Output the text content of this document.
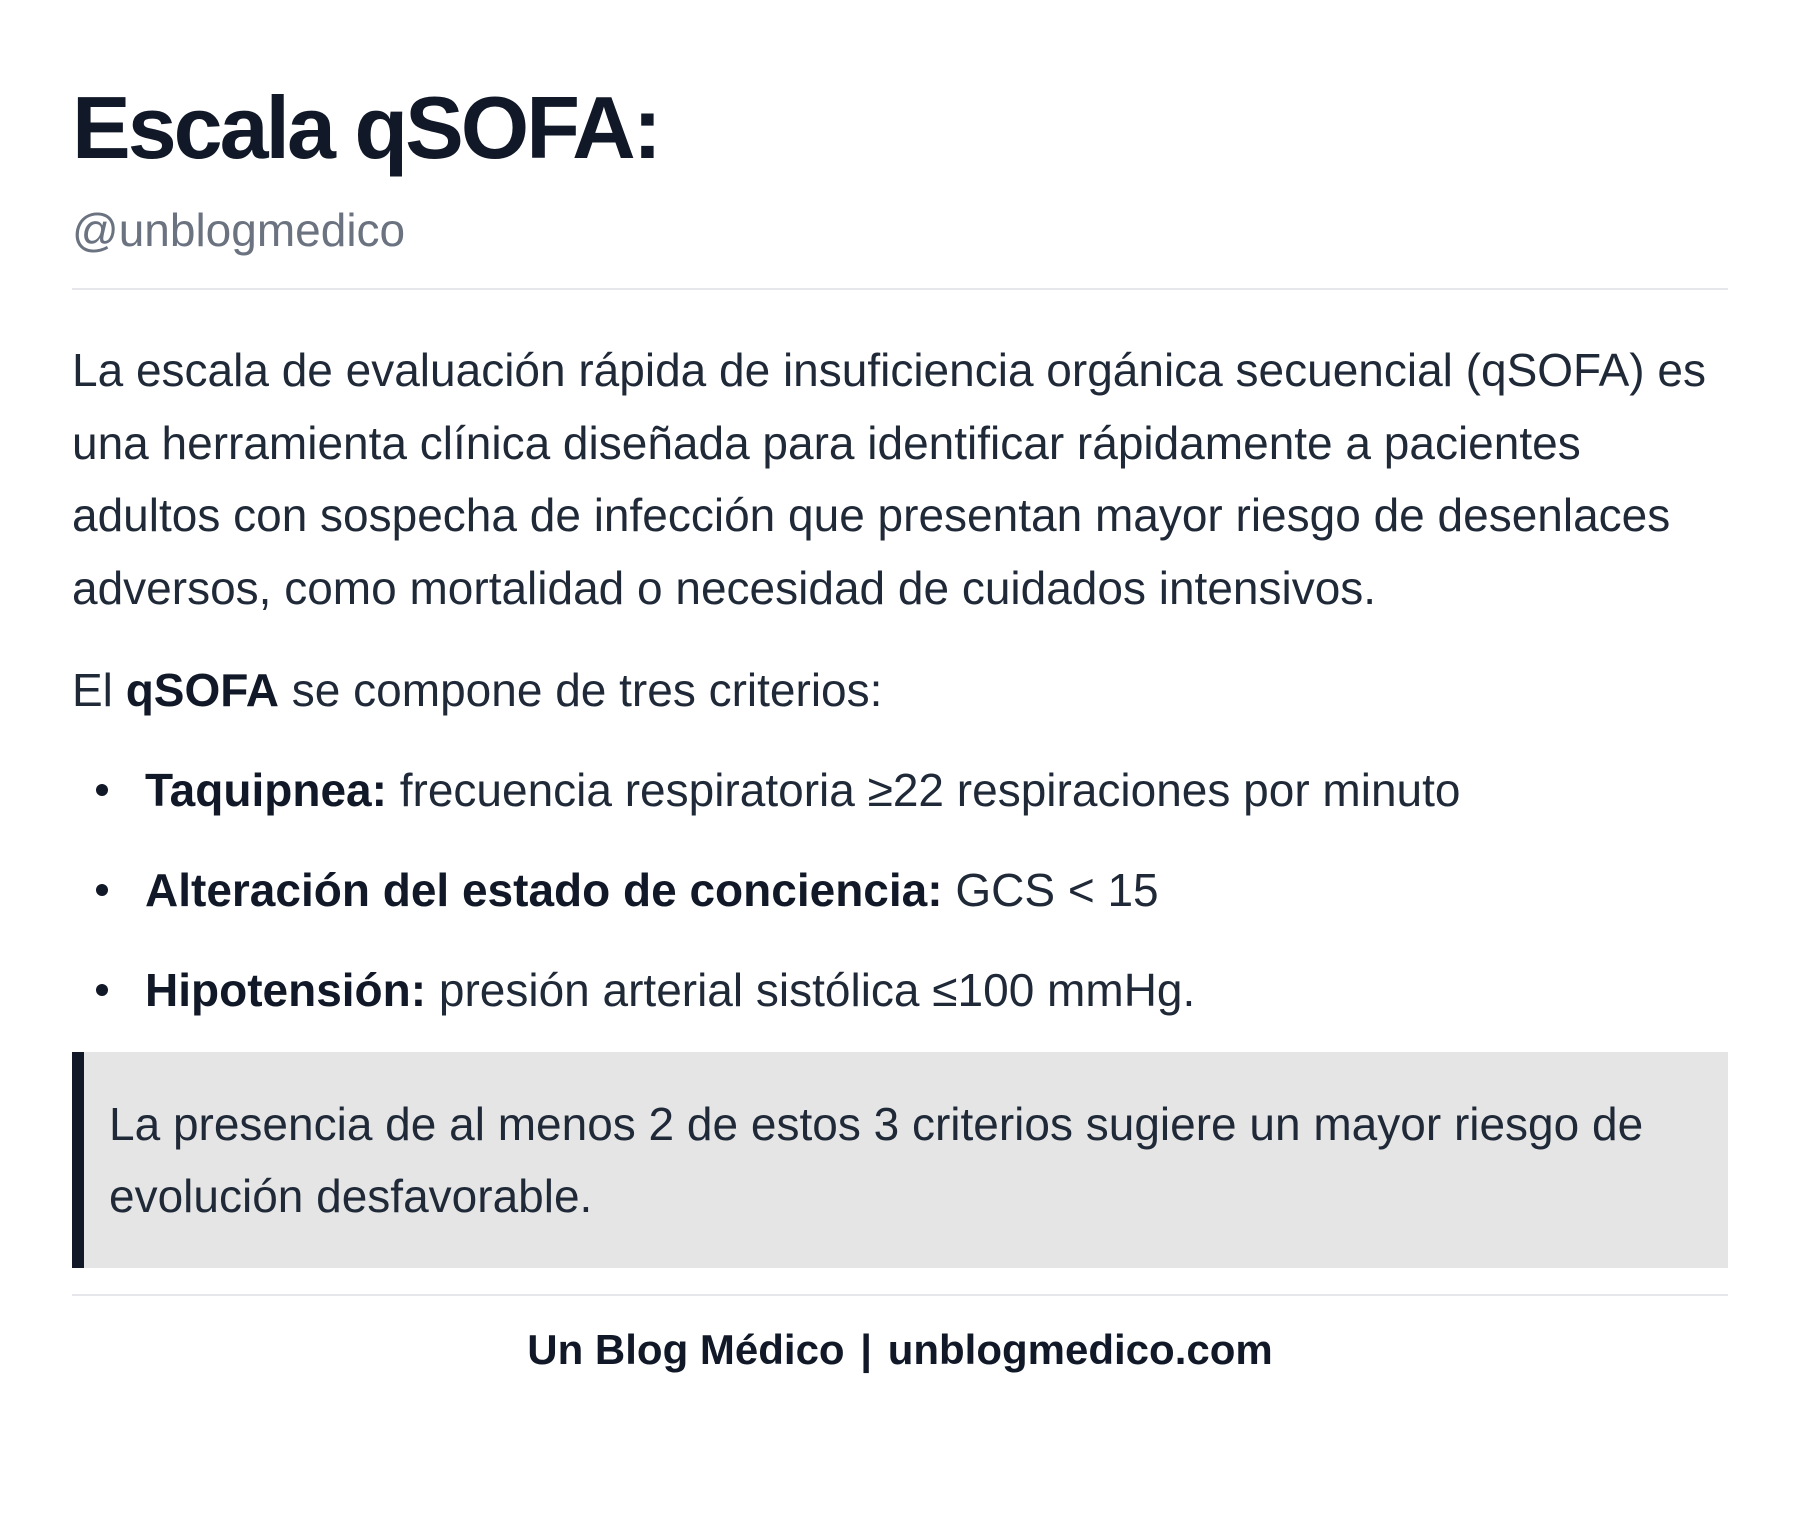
Escala qSOFA:
@unblogmedico

La escala de evaluación rápida de insuficiencia orgánica secuencial (qSOFA) es una herramienta clínica diseñada para identificar rápidamente a pacientes adultos con sospecha de infección que presentan mayor riesgo de desenlaces adversos, como mortalidad o necesidad de cuidados intensivos.

El qSOFA se compone de tres criterios:

Taquipnea: frecuencia respiratoria ≥22 respiraciones por minuto
Alteración del estado de conciencia: GCS < 15
Hipotensión: presión arterial sistólica ≤100 mmHg.
La presencia de al menos 2 de estos 3 criterios sugiere un mayor riesgo de evolución desfavorable.
Un Blog Médico | unblogmedico.com
